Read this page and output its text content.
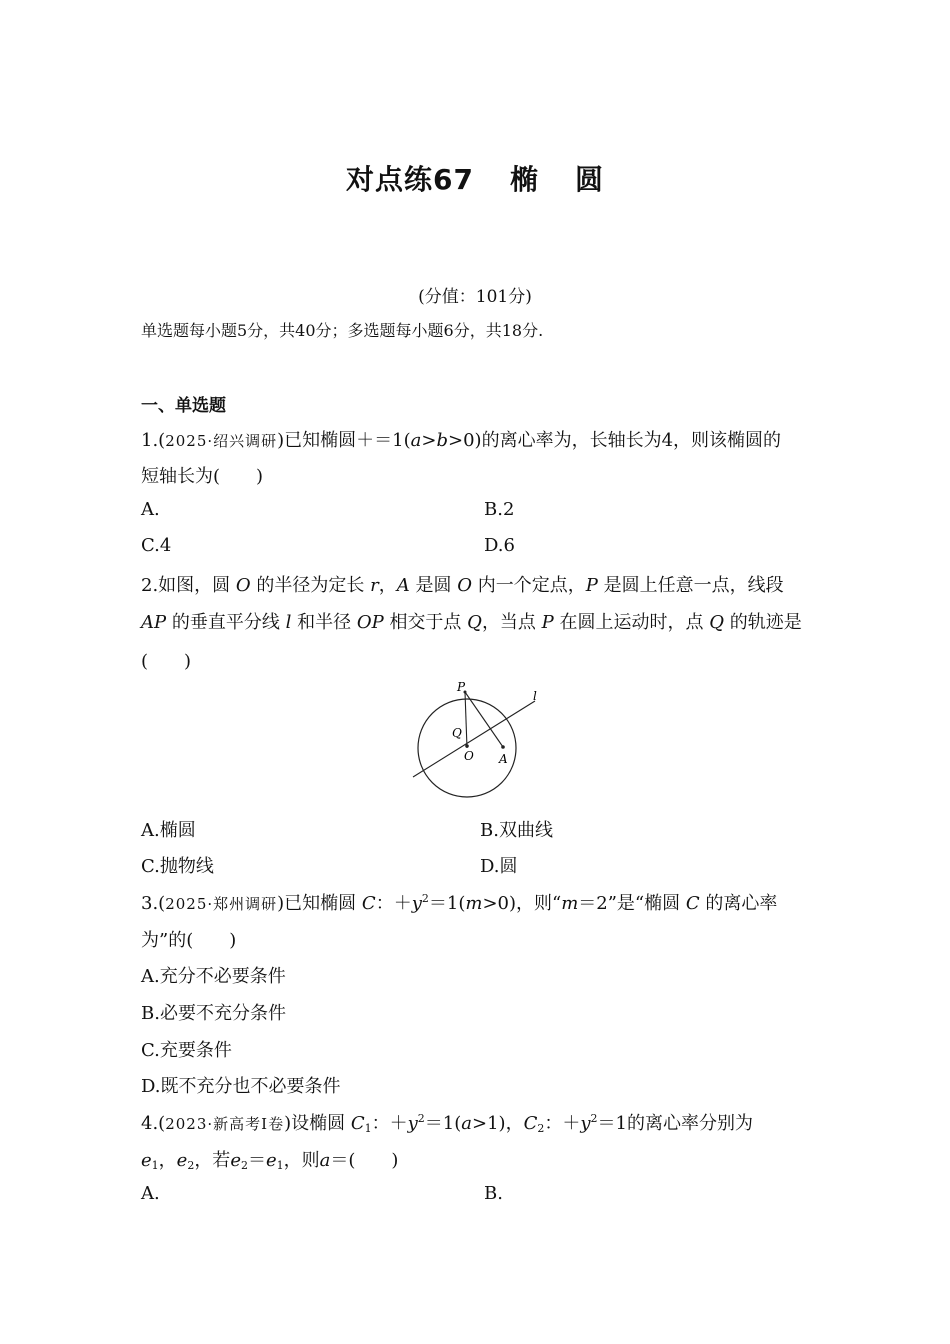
对点练67 椭 圆
(分值：101分)
单选题每小题5分，共40分；多选题每小题6分，共18分.
一、单选题
1.(2025·绍兴调研)已知椭圆＋＝1(a>b>0)的离心率为，长轴长为4，则该椭圆的
短轴长为(　　)
A.	B.2
C.4	D.6
2.如图，圆 O 的半径为定长 r，A 是圆 O 内一个定点，P 是圆上任意一点，线段
AP 的垂直平分线 l 和半径 OP 相交于点 Q，当点 P 在圆上运动时，点 Q 的轨迹是
(　　)
P
Q
O A
l
A.椭圆	B.双曲线
C.抛物线	D.圆
3.(2025·郑州调研)已知椭圆 C：$+y^2=1(m>0)$，则“m＝2”是“椭圆 C 的离心率
为”的(　　)
A.充分不必要条件
B.必要不充分条件
C.充要条件
D.既不充分也不必要条件
4.(2023·新高考Ⅰ卷)设椭圆 $C_1$：$+y^2=1(a>1)$，$C_2$：$+y^2=1$的离心率分别为
$e_1$，$e_2$，若$e_2=e_1$，则a＝(　　)
A.	B.
